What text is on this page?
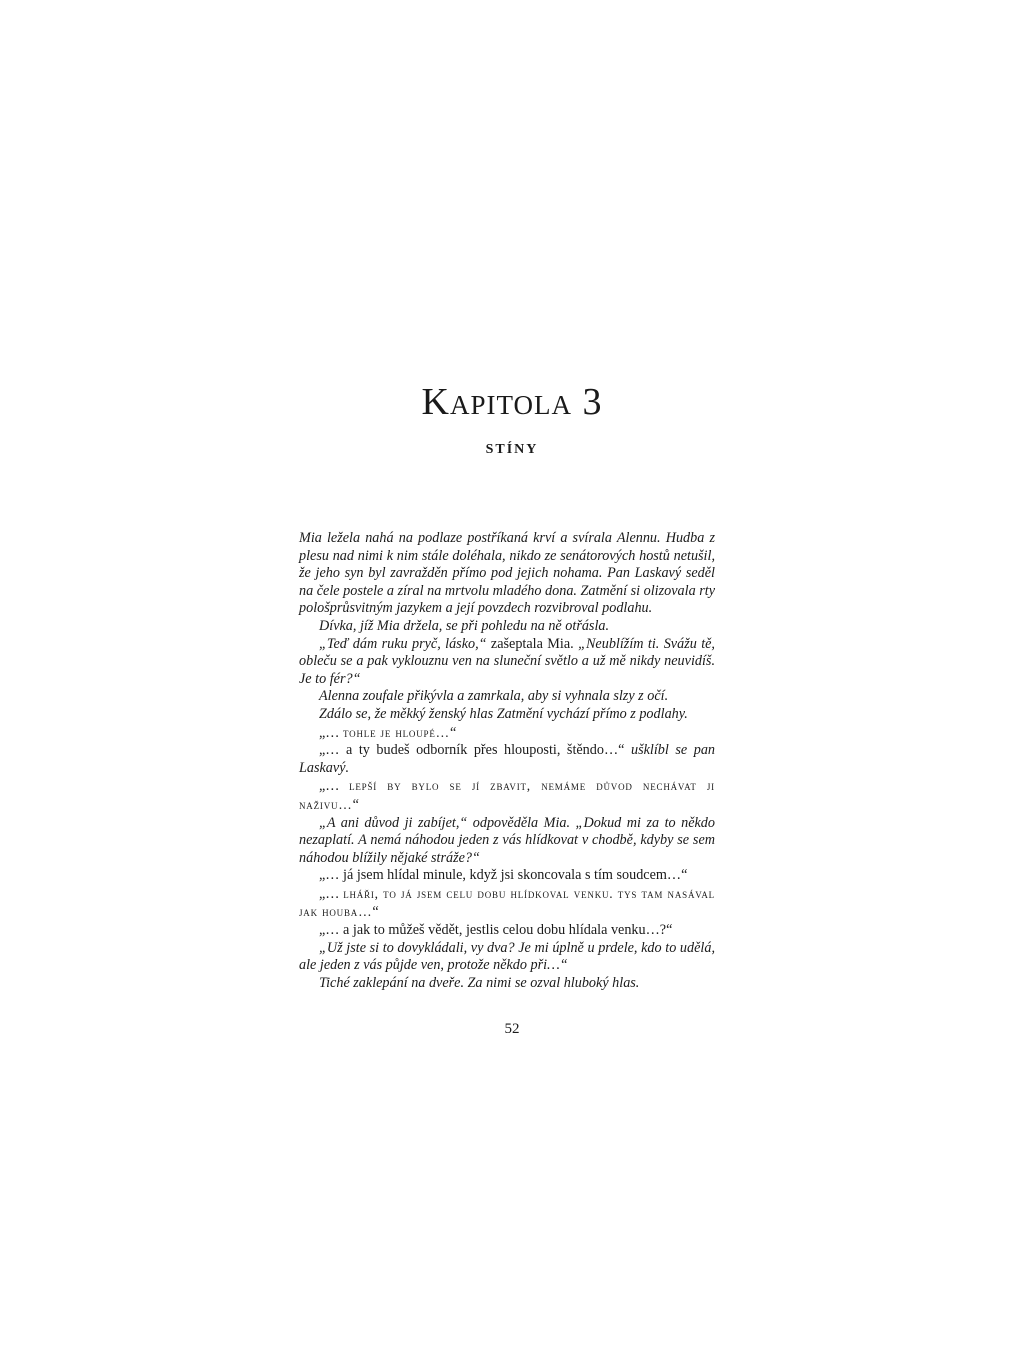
Kapitola 3
STÍNY

Mia ležela nahá na podlaze postříkaná krví a svírala Alennu. Hudba z plesu nad nimi k nim stále doléhala, nikdo ze senátorových hostů netušil, že jeho syn byl zavražděn přímo pod jejich nohama. Pan Laskavý seděl na čele postele a zíral na mrtvolu mladého dona. Zatmění si olizovala rty pološprůsvitným jazykem a její povzdech rozvibroval podlahu.

Dívka, jíž Mia držela, se při pohledu na ně otřásla.

„Teď dám ruku pryč, lásko,“ zašeptala Mia. „Neublížím ti. Svážu tě, obleču se a pak vyklouznu ven na sluneční světlo a už mě nikdy neuvidíš. Je to fér?“

Alenna zoufale přikývla a zamrkala, aby si vyhnala slzy z očí.

Zdálo se, že měkký ženský hlas Zatmění vychází přímo z podlahy.

„… tohle je hloupé…“

„… a ty budeš odborník přes hlouposti, štěndo…“ ušklíbl se pan Laskavý.

„… lepší by bylo se jí zbavit, nemáme důvod nechávat ji naživu…“

„A ani důvod ji zabíjet,“ odpověděla Mia. „Dokud mi za to někdo nezaplatí. A nemá náhodou jeden z vás hlídkovat v chodbě, kdyby se sem náhodou blížily nějaké stráže?“

„… já jsem hlídal minule, když jsi skoncovala s tím soudcem…“

„… lháři, to já jsem celu dobu hlídkoval venku. tys tam nasával jak houba…“

„… a jak to můžeš vědět, jestlis celou dobu hlídala venku…?“

„Už jste si to dovykládali, vy dva? Je mi úplně u prdele, kdo to udělá, ale jeden z vás půjde ven, protože někdo při…“

Tiché zaklepání na dveře. Za nimi se ozval hluboký hlas.

52
